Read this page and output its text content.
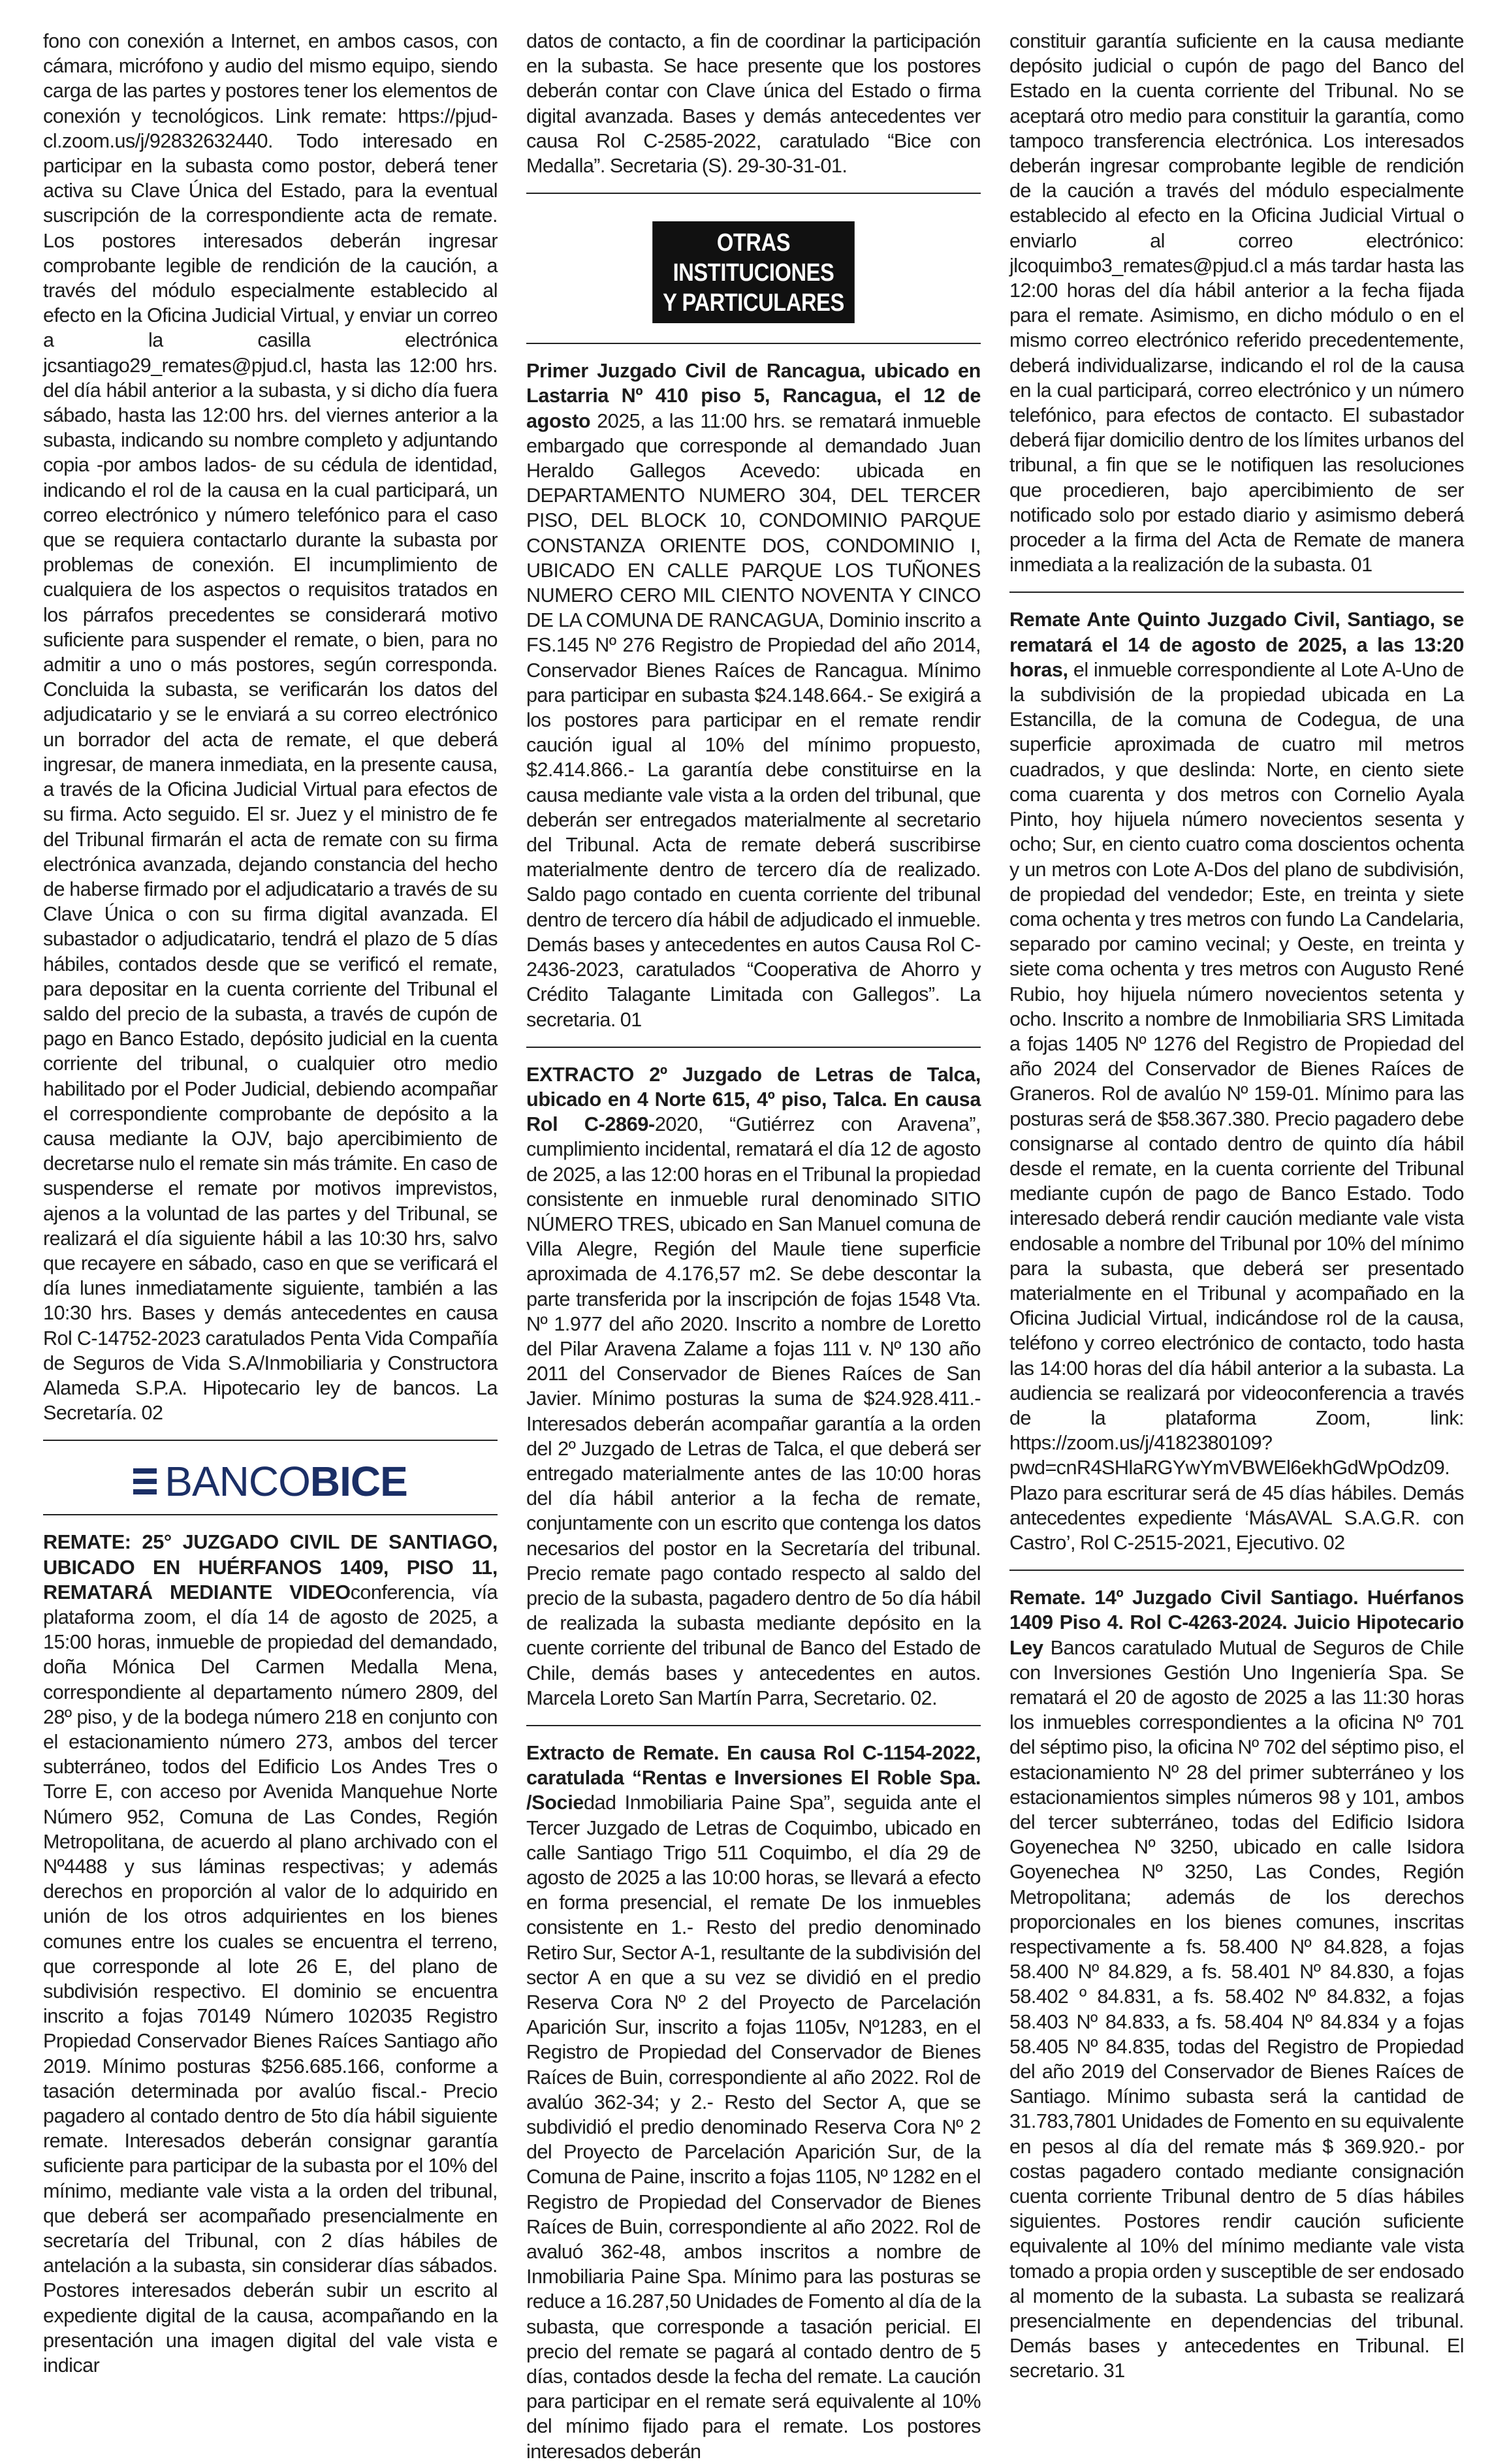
fono con conexión a Internet, en ambos casos, con cámara, micrófono y audio del mismo equipo, siendo carga de las partes y postores tener los elementos de conexión y tecnológicos. Link remate: https://pjud-cl.zoom.us/j/92832632440. Todo interesado en participar en la subasta como postor, deberá tener activa su Clave Única del Estado, para la eventual suscripción de la correspondiente acta de remate. Los postores interesados deberán ingresar comprobante legible de rendición de la caución, a través del módulo especialmente establecido al efecto en la Oficina Judicial Virtual, y enviar un correo a la casilla electrónica jcsantiago29_remates@pjud.cl, hasta las 12:00 hrs. del día hábil anterior a la subasta, y si dicho día fuera sábado, hasta las 12:00 hrs. del viernes anterior a la subasta, indicando su nombre completo y adjuntando copia -por ambos lados- de su cédula de identidad, indicando el rol de la causa en la cual participará, un correo electrónico y número telefónico para el caso que se requiera contactarlo durante la subasta por problemas de conexión. El incumplimiento de cualquiera de los aspectos o requisitos tratados en los párrafos precedentes se considerará motivo suficiente para suspender el remate, o bien, para no admitir a uno o más postores, según corresponda. Concluida la subasta, se verificarán los datos del adjudicatario y se le enviará a su correo electrónico un borrador del acta de remate, el que deberá ingresar, de manera inmediata, en la presente causa, a través de la Oficina Judicial Virtual para efectos de su firma. Acto seguido. El sr. Juez y el ministro de fe del Tribunal firmarán el acta de remate con su firma electrónica avanzada, dejando constancia del hecho de haberse firmado por el adjudicatario a través de su Clave Única o con su firma digital avanzada. El subastador o adjudicatario, tendrá el plazo de 5 días hábiles, contados desde que se verificó el remate, para depositar en la cuenta corriente del Tribunal el saldo del precio de la subasta, a través de cupón de pago en Banco Estado, depósito judicial en la cuenta corriente del tribunal, o cualquier otro medio habilitado por el Poder Judicial, debiendo acompañar el correspondiente comprobante de depósito a la causa mediante la OJV, bajo apercibimiento de decretarse nulo el remate sin más trámite. En caso de suspenderse el remate por motivos imprevistos, ajenos a la voluntad de las partes y del Tribunal, se realizará el día siguiente hábil a las 10:30 hrs, salvo que recayere en sábado, caso en que se verificará el día lunes inmediatamente siguiente, también a las 10:30 hrs. Bases y demás antecedentes en causa Rol C-14752-2023 caratulados Penta Vida Compañía de Seguros de Vida S.A/Inmobiliaria y Constructora Alameda S.P.A. Hipotecario ley de bancos. La Secretaría. 02

BANCOBICE

REMATE: 25° JUZGADO CIVIL DE SANTIAGO, UBICADO EN HUÉRFANOS 1409, PISO 11, REMATARÁ MEDIANTE VIDEOconferencia, vía plataforma zoom, el día 14 de agosto de 2025, a 15:00 horas, inmueble de propiedad del demandado, doña Mónica Del Carmen Medalla Mena, correspondiente al departamento número 2809, del 28º piso, y de la bodega número 218 en conjunto con el estacionamiento número 273, ambos del tercer subterráneo, todos del Edificio Los Andes Tres o Torre E, con acceso por Avenida Manquehue Norte Número 952, Comuna de Las Condes, Región Metropolitana, de acuerdo al plano archivado con el Nº4488 y sus láminas respectivas; y además derechos en proporción al valor de lo adquirido en unión de los otros adquirientes en los bienes comunes entre los cuales se encuentra el terreno, que corresponde al lote 26 E, del plano de subdivisión respectivo. El dominio se encuentra inscrito a fojas 70149 Número 102035 Registro Propiedad Conservador Bienes Raíces Santiago año 2019. Mínimo posturas $256.685.166, conforme a tasación determinada por avalúo fiscal.- Precio pagadero al contado dentro de 5to día hábil siguiente remate. Interesados deberán consignar garantía suficiente para participar de la subasta por el 10% del mínimo, mediante vale vista a la orden del tribunal, que deberá ser acompañado presencialmente en secretaría del Tribunal, con 2 días hábiles de antelación a la subasta, sin considerar días sábados. Postores interesados deberán subir un escrito al expediente digital de la causa, acompañando en la presentación una imagen digital del vale vista e indicar

datos de contacto, a fin de coordinar la participación en la subasta. Se hace presente que los postores deberán contar con Clave única del Estado o firma digital avanzada. Bases y demás antecedentes ver causa Rol C-2585-2022, caratulado “Bice con Medalla”. Secretaria (S). 29-30-31-01.

OTRAS INSTITUCIONES
Y PARTICULARES

Primer Juzgado Civil de Rancagua, ubicado en Lastarria Nº 410 piso 5, Rancagua, el 12 de agosto 2025, a las 11:00 hrs. se rematará inmueble embargado que corresponde al demandado Juan Heraldo Gallegos Acevedo: ubicada en DEPARTAMENTO NUMERO 304, DEL TERCER PISO, DEL BLOCK 10, CONDOMINIO PARQUE CONSTANZA ORIENTE DOS, CONDOMINIO I, UBICADO EN CALLE PARQUE LOS TUÑONES NUMERO CERO MIL CIENTO NOVENTA Y CINCO DE LA COMUNA DE RANCAGUA, Dominio inscrito a FS.145 Nº 276 Registro de Propiedad del año 2014, Conservador Bienes Raíces de Rancagua. Mínimo para participar en subasta $24.148.664.- Se exigirá a los postores para participar en el remate rendir caución igual al 10% del mínimo propuesto, $2.414.866.- La garantía debe constituirse en la causa mediante vale vista a la orden del tribunal, que deberán ser entregados materialmente al secretario del Tribunal. Acta de remate deberá suscribirse materialmente dentro de tercero día de realizado. Saldo pago contado en cuenta corriente del tribunal dentro de tercero día hábil de adjudicado el inmueble. Demás bases y antecedentes en autos Causa Rol C-2436-2023, caratulados “Cooperativa de Ahorro y Crédito Talagante Limitada con Gallegos”. La secretaria. 01

EXTRACTO 2º Juzgado de Letras de Talca, ubicado en 4 Norte 615, 4º piso, Talca. En causa Rol C-2869-2020, “Gutiérrez con Aravena”, cumplimiento incidental, rematará el día 12 de agosto de 2025, a las 12:00 horas en el Tribunal la propiedad consistente en inmueble rural denominado SITIO NÚMERO TRES, ubicado en San Manuel comuna de Villa Alegre, Región del Maule tiene superficie aproximada de 4.176,57 m2. Se debe descontar la parte transferida por la inscripción de fojas 1548 Vta. Nº 1.977 del año 2020. Inscrito a nombre de Loretto del Pilar Aravena Zalame a fojas 111 v. Nº 130 año 2011 del Conservador de Bienes Raíces de San Javier. Mínimo posturas la suma de $24.928.411.- Interesados deberán acompañar garantía a la orden del 2º Juzgado de Letras de Talca, el que deberá ser entregado materialmente antes de las 10:00 horas del día hábil anterior a la fecha de remate, conjuntamente con un escrito que contenga los datos necesarios del postor en la Secretaría del tribunal. Precio remate pago contado respecto al saldo del precio de la subasta, pagadero dentro de 5o día hábil de realizada la subasta mediante depósito en la cuente corriente del tribunal de Banco del Estado de Chile, demás bases y antecedentes en autos. Marcela Loreto San Martín Parra, Secretario. 02.

Extracto de Remate. En causa Rol C-1154-2022, caratulada “Rentas e Inversiones El Roble Spa. /Sociedad Inmobiliaria Paine Spa”, seguida ante el Tercer Juzgado de Letras de Coquimbo, ubicado en calle Santiago Trigo 511 Coquimbo, el día 29 de agosto de 2025 a las 10:00 horas, se llevará a efecto en forma presencial, el remate De los inmuebles consistente en 1.- Resto del predio denominado Retiro Sur, Sector A-1, resultante de la subdivisión del sector A en que a su vez se dividió en el predio Reserva Cora Nº 2 del Proyecto de Parcelación Aparición Sur, inscrito a fojas 1105v, Nº1283, en el Registro de Propiedad del Conservador de Bienes Raíces de Buin, correspondiente al año 2022. Rol de avalúo 362-34; y 2.- Resto del Sector A, que se subdividió el predio denominado Reserva Cora Nº 2 del Proyecto de Parcelación Aparición Sur, de la Comuna de Paine, inscrito a fojas 1105, Nº 1282 en el Registro de Propiedad del Conservador de Bienes Raíces de Buin, correspondiente al año 2022. Rol de avaluó 362-48, ambos inscritos a nombre de Inmobiliaria Paine Spa. Mínimo para las posturas se reduce a 16.287,50 Unidades de Fomento al día de la subasta, que corresponde a tasación pericial. El precio del remate se pagará al contado dentro de 5 días, contados desde la fecha del remate. La caución para participar en el remate será equivalente al 10% del mínimo fijado para el remate. Los postores interesados deberán

constituir garantía suficiente en la causa mediante depósito judicial o cupón de pago del Banco del Estado en la cuenta corriente del Tribunal. No se aceptará otro medio para constituir la garantía, como tampoco transferencia electrónica. Los interesados deberán ingresar comprobante legible de rendición de la caución a través del módulo especialmente establecido al efecto en la Oficina Judicial Virtual o enviarlo al correo electrónico: jlcoquimbo3_remates@pjud.cl a más tardar hasta las 12:00 horas del día hábil anterior a la fecha fijada para el remate. Asimismo, en dicho módulo o en el mismo correo electrónico referido precedentemente, deberá individualizarse, indicando el rol de la causa en la cual participará, correo electrónico y un número telefónico, para efectos de contacto. El subastador deberá fijar domicilio dentro de los límites urbanos del tribunal, a fin que se le notifiquen las resoluciones que procedieren, bajo apercibimiento de ser notificado solo por estado diario y asimismo deberá proceder a la firma del Acta de Remate de manera inmediata a la realización de la subasta. 01

Remate Ante Quinto Juzgado Civil, Santiago, se rematará el 14 de agosto de 2025, a las 13:20 horas, el inmueble correspondiente al Lote A-Uno de la subdivisión de la propiedad ubicada en La Estancilla, de la comuna de Codegua, de una superficie aproximada de cuatro mil metros cuadrados, y que deslinda: Norte, en ciento siete coma cuarenta y dos metros con Cornelio Ayala Pinto, hoy hijuela número novecientos sesenta y ocho; Sur, en ciento cuatro coma doscientos ochenta y un metros con Lote A-Dos del plano de subdivisión, de propiedad del vendedor; Este, en treinta y siete coma ochenta y tres metros con fundo La Candelaria, separado por camino vecinal; y Oeste, en treinta y siete coma ochenta y tres metros con Augusto René Rubio, hoy hijuela número novecientos setenta y ocho. Inscrito a nombre de Inmobiliaria SRS Limitada a fojas 1405 Nº 1276 del Registro de Propiedad del año 2024 del Conservador de Bienes Raíces de Graneros. Rol de avalúo Nº 159-01. Mínimo para las posturas será de $58.367.380. Precio pagadero debe consignarse al contado dentro de quinto día hábil desde el remate, en la cuenta corriente del Tribunal mediante cupón de pago de Banco Estado. Todo interesado deberá rendir caución mediante vale vista endosable a nombre del Tribunal por 10% del mínimo para la subasta, que deberá ser presentado materialmente en el Tribunal y acompañado en la Oficina Judicial Virtual, indicándose rol de la causa, teléfono y correo electrónico de contacto, todo hasta las 14:00 horas del día hábil anterior a la subasta. La audiencia se realizará por videoconferencia a través de la plataforma Zoom, link: https://zoom.us/j/4182380109?pwd=cnR4SHlaRGYwYmVBWEl6ekhGdWpOdz09. Plazo para escriturar será de 45 días hábiles. Demás antecedentes expediente ‘MásAVAL S.A.G.R. con Castro’, Rol C-2515-2021, Ejecutivo. 02

Remate. 14º Juzgado Civil Santiago. Huérfanos 1409 Piso 4. Rol C-4263-2024. Juicio Hipotecario Ley Bancos caratulado Mutual de Seguros de Chile con Inversiones Gestión Uno Ingeniería Spa. Se rematará el 20 de agosto de 2025 a las 11:30 horas los inmuebles correspondientes a la oficina Nº 701 del séptimo piso, la oficina Nº 702 del séptimo piso, el estacionamiento Nº 28 del primer subterráneo y los estacionamientos simples números 98 y 101, ambos del tercer subterráneo, todas del Edificio Isidora Goyenechea Nº 3250, ubicado en calle Isidora Goyenechea Nº 3250, Las Condes, Región Metropolitana; además de los derechos proporcionales en los bienes comunes, inscritas respectivamente a fs. 58.400 Nº 84.828, a fojas 58.400 Nº 84.829, a fs. 58.401 Nº 84.830, a fojas 58.402 º 84.831, a fs. 58.402 Nº 84.832, a fojas 58.403 Nº 84.833, a fs. 58.404 Nº 84.834 y a fojas 58.405 Nº 84.835, todas del Registro de Propiedad del año 2019 del Conservador de Bienes Raíces de Santiago. Mínimo subasta será la cantidad de 31.783,7801 Unidades de Fomento en su equivalente en pesos al día del remate más $ 369.920.- por costas pagadero contado mediante consignación cuenta corriente Tribunal dentro de 5 días hábiles siguientes. Postores rendir caución suficiente equivalente al 10% del mínimo mediante vale vista tomado a propia orden y susceptible de ser endosado al momento de la subasta. La subasta se realizará presencialmente en dependencias del tribunal. Demás bases y antecedentes en Tribunal. El secretario. 31
